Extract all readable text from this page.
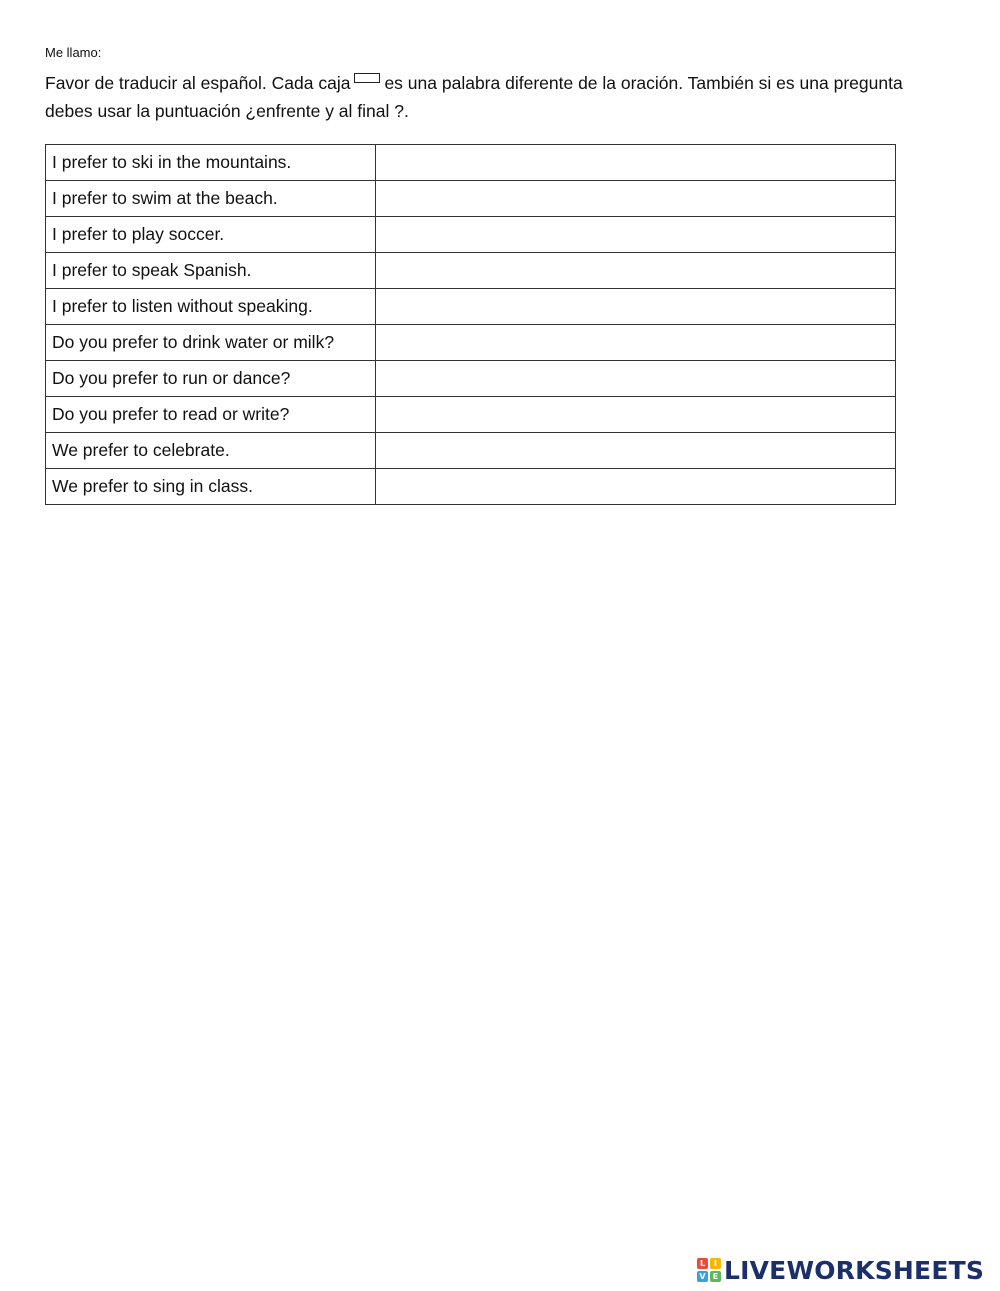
Me llamo:
Favor de traducir al español. Cada caja es una palabra diferente de la oración. También si es una pregunta debes usar la puntuación ¿enfrente y al final ?.
I prefer to ski in the mountains.	
I prefer to swim at the beach.	
I prefer to play soccer.	
I prefer to speak Spanish.	
I prefer to listen without speaking.	
Do you prefer to drink water or milk?	
Do you prefer to run or dance?	
Do you prefer to read or write?	
We prefer to celebrate.	
We prefer to sing in class.	
L	I
V E LIVEWORKSHEETS
